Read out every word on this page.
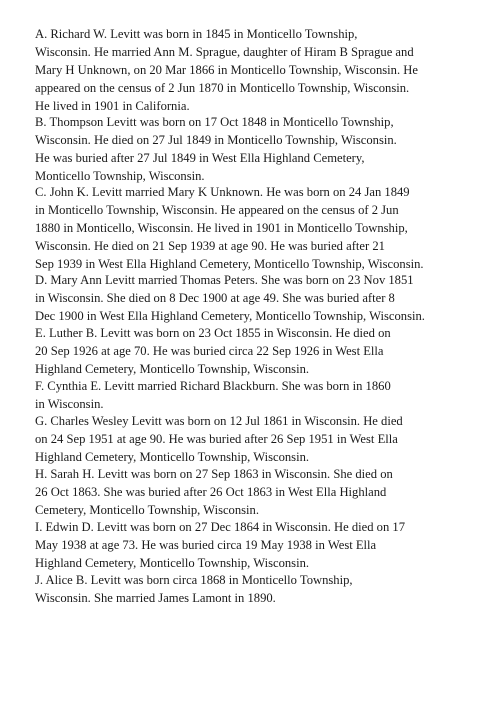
A. Richard W. Levitt was born in 1845 in Monticello Township,
Wisconsin. He married Ann M. Sprague, daughter of Hiram B Sprague and
Mary H Unknown, on 20 Mar 1866 in Monticello Township, Wisconsin. He
appeared on the census of 2 Jun 1870 in Monticello Township, Wisconsin.
He lived in 1901 in California.

B. Thompson Levitt was born on 17 Oct 1848 in Monticello Township,
Wisconsin. He died on 27 Jul 1849 in Monticello Township, Wisconsin.
He was buried after 27 Jul 1849 in West Ella Highland Cemetery,
Monticello Township, Wisconsin.

C. John K. Levitt married Mary K Unknown. He was born on 24 Jan 1849
in Monticello Township, Wisconsin. He appeared on the census of 2 Jun
1880 in Monticello, Wisconsin. He lived in 1901 in Monticello Township,
Wisconsin. He died on 21 Sep 1939 at age 90. He was buried after 21
Sep 1939 in West Ella Highland Cemetery, Monticello Township, Wisconsin.

D. Mary Ann Levitt married Thomas Peters. She was born on 23 Nov 1851
in Wisconsin. She died on 8 Dec 1900 at age 49. She was buried after 8
Dec 1900 in West Ella Highland Cemetery, Monticello Township, Wisconsin.

E. Luther B. Levitt was born on 23 Oct 1855 in Wisconsin. He died on
20 Sep 1926 at age 70. He was buried circa 22 Sep 1926 in West Ella
Highland Cemetery, Monticello Township, Wisconsin.

F. Cynthia E. Levitt married Richard Blackburn. She was born in 1860
in Wisconsin.

G. Charles Wesley Levitt was born on 12 Jul 1861 in Wisconsin. He died
on 24 Sep 1951 at age 90. He was buried after 26 Sep 1951 in West Ella
Highland Cemetery, Monticello Township, Wisconsin.

H. Sarah H. Levitt was born on 27 Sep 1863 in Wisconsin. She died on
26 Oct 1863. She was buried after 26 Oct 1863 in West Ella Highland
Cemetery, Monticello Township, Wisconsin.

I. Edwin D. Levitt was born on 27 Dec 1864 in Wisconsin. He died on 17
May 1938 at age 73. He was buried circa 19 May 1938 in West Ella
Highland Cemetery, Monticello Township, Wisconsin.

J. Alice B. Levitt was born circa 1868 in Monticello Township,
Wisconsin. She married James Lamont in 1890.
